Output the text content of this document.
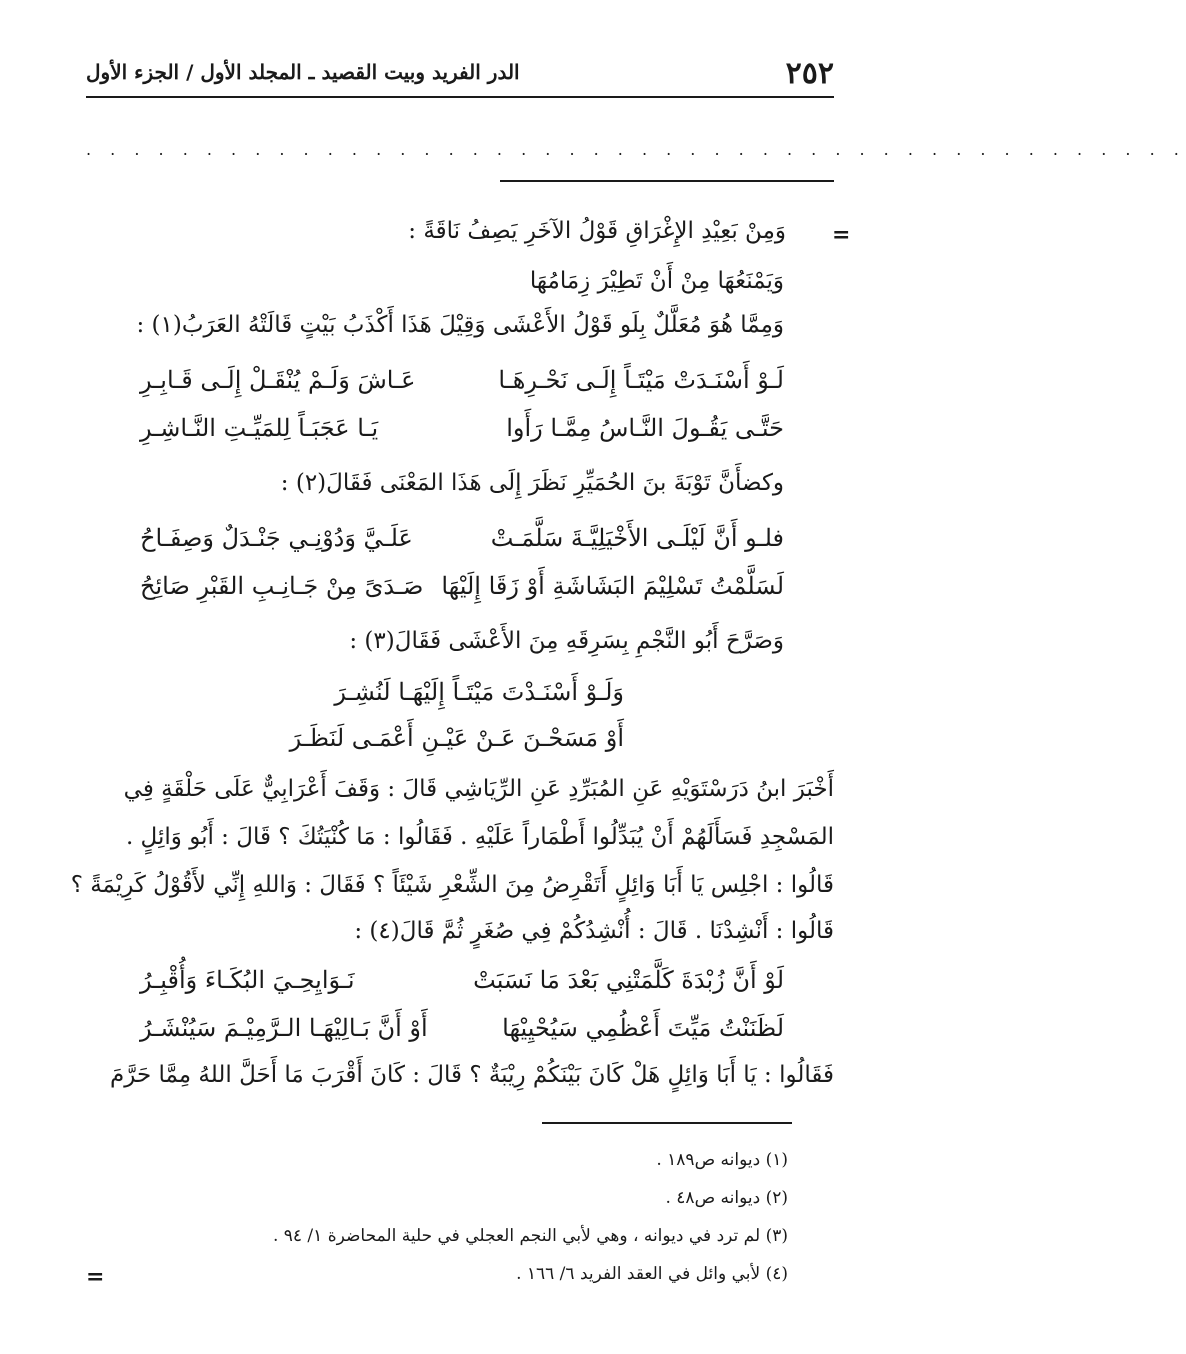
٢٥٢
الدر الفريد وبيت القصيد ـ المجلد الأول / الجزء الأول
. . . . . . . . . . . . . . . . . . . . . . . . . . . . . . . . . . . . . . . . . . . . . .
=
وَمِنْ بَعِيْدِ الإِغْرَاقِ قَوْلُ الآخَرِ يَصِفُ نَاقَةً :
وَيَمْنَعُهَا مِنْ أَنْ تَطِيْرَ زِمَامُهَا
وَمِمَّا هُوَ مُعَلَّلٌ بِلَو قَوْلُ الأَعْشَى وَقِيْلَ هَذَا أَكْذَبُ بَيْتٍ قَالَتْهُ العَرَبُ(١) :
لَـوْ أَسْنَـدَتْ مَيْتَـاً إِلَـى نَحْـرِهَـا
عَـاشَ وَلَـمْ يُنْقَـلْ إِلَـى قَـابِـرِ
حَتَّـى يَقُـولَ النَّـاسُ مِمَّـا رَأَوا
يَـا عَجَبَـاً لِلمَيِّـتِ النَّـاشِـرِ
وكضأَنَّ تَوْبَةَ بنَ الحُمَيِّرِ نَظَرَ إِلَى هَذَا المَعْنَى فَقَالَ(٢) :
فلـو أَنَّ لَيْلَـى الأَخْيَلِيَّـةَ سَلَّمَـتْ
عَلَـيَّ وَدُوْنِـي جَنْـدَلٌ وَصِفَـاحُ
لَسَلَّمْتُ تَسْلِيْمَ البَشَاشَةِ أَوْ زَقَا إِلَيْهَا
صَـدَىً مِنْ جَـانِـبِ القَبْرِ صَائِحُ
وَصَرَّحَ أَبُو النَّجْمِ بِسَرِقَهِ مِنَ الأَعْشَى فَقَالَ(٣) :
وَلَـوْ أَسْنَـدْتَ مَيْتَـاً إِلَيْهَـا لَنُشِـرَ
أَوْ مَسَحْـنَ عَـنْ عَيْـنِ أَعْمَـى لَنَظَـرَ
أَخْبَرَ ابنُ دَرَسْتَوَيْهِ عَنِ المُبَرِّدِ عَنِ الرِّيَاشِي قَالَ : وَقَفَ أَعْرَابِيٌّ عَلَى حَلْقَةٍ فِي
المَسْجِدِ فَسَأَلَهُمْ أَنْ يُبَدِّلُوا أَطْمَاراً عَلَيْهِ . فَقَالُوا : مَا كُنْيَتُكَ ؟ قَالَ : أَبُو وَائِلٍ .
قَالُوا : اجْلِس يَا أَبَا وَائِلٍ أَتَقْرِضُ مِنَ الشِّعْرِ شَيْئَاً ؟ فَقَالَ : وَاللهِ إِنِّي لأَقُوْلُ كَرِيْمَةً ؟
قَالُوا : أَنْشِدْنَا . قَالَ : أُنْشِدُكُمْ فِي صُغَرٍ ثُمَّ قَالَ(٤) :
لَوْ أَنَّ زُبْدَةَ كَلَّمَتْنِي بَعْدَ مَا نَسَبَتْ
نَـوَايِحِـيَ البُكَـاءَ وَأُقْبِـرُ
لَظَنَنْتُ مَيِّتَ أَعْظُمِي سَيُحْيِيْهَا
أَوْ أَنَّ بَـالِيْهَـا الـرَّمِيْـمَ سَيُنْشَـرُ
فَقَالُوا : يَا أَبَا وَائِلٍ هَلْ كَانَ بَيْنَكُمْ رِيْبَةٌ ؟ قَالَ : كَانَ أَقْرَبَ مَا أَحَلَّ اللهُ مِمَّا حَرَّمَ
(١) ديوانه ص١٨٩ .
(٢) ديوانه ص٤٨ .
(٣) لم ترد في ديوانه ، وهي لأبي النجم العجلي في حلية المحاضرة ١/ ٩٤ .
(٤) لأبي وائل في العقد الفريد ٦/ ١٦٦ .
=
